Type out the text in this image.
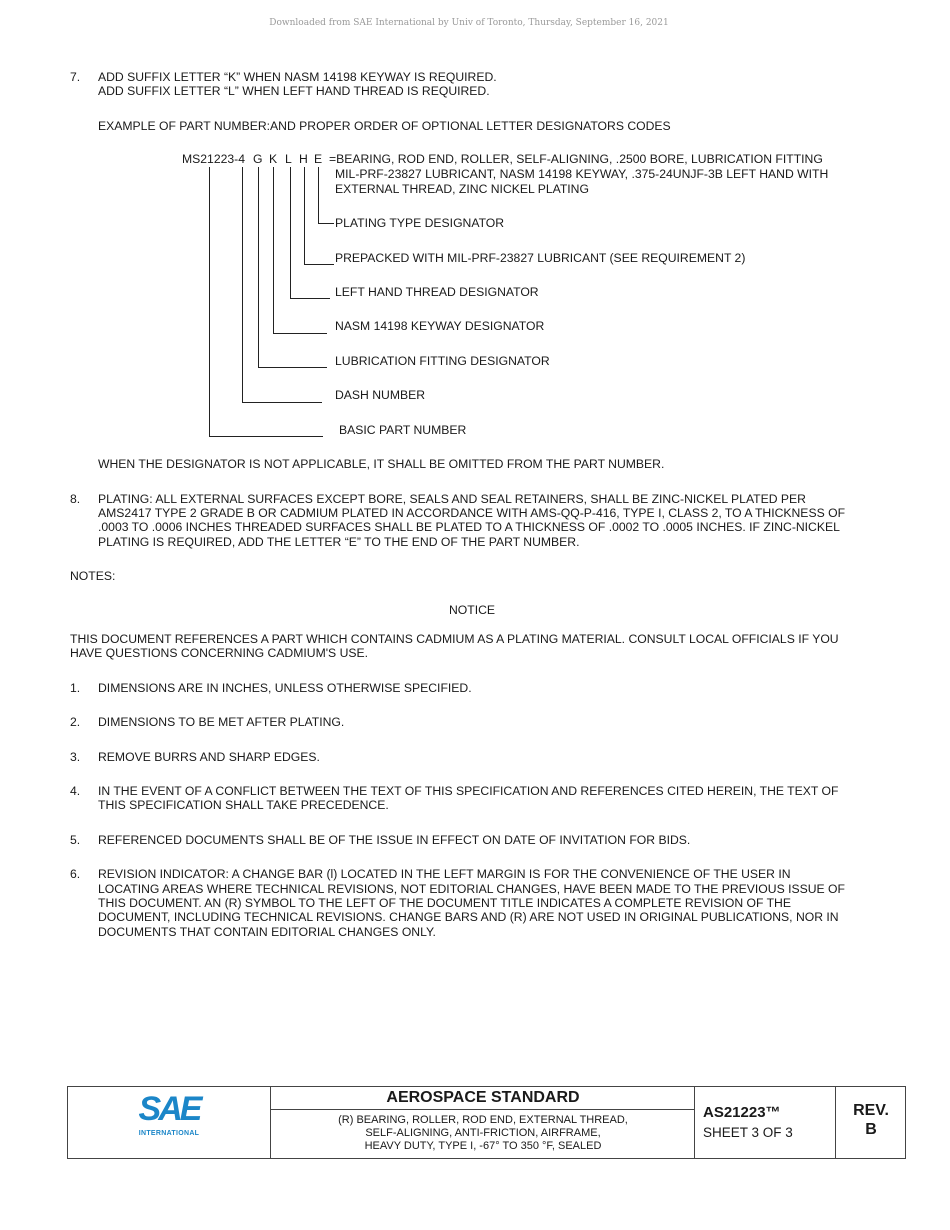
Downloaded from SAE International by Univ of Toronto, Thursday, September 16, 2021
7. ADD SUFFIX LETTER “K” WHEN NASM 14198 KEYWAY IS REQUIRED.
ADD SUFFIX LETTER “L” WHEN LEFT HAND THREAD IS REQUIRED.
EXAMPLE OF PART NUMBER:AND PROPER ORDER OF OPTIONAL LETTER DESIGNATORS CODES
MS21223-4 G K L H E =BEARING, ROD END, ROLLER, SELF-ALIGNING, .2500 BORE, LUBRICATION FITTING
MIL-PRF-23827 LUBRICANT, NASM 14198 KEYWAY, .375-24UNJF-3B LEFT HAND WITH
EXTERNAL THREAD, ZINC NICKEL PLATING
PLATING TYPE DESIGNATOR
PREPACKED WITH MIL-PRF-23827 LUBRICANT (SEE REQUIREMENT 2)
LEFT HAND THREAD DESIGNATOR
NASM 14198 KEYWAY DESIGNATOR
LUBRICATION FITTING DESIGNATOR
DASH NUMBER
BASIC PART NUMBER
WHEN THE DESIGNATOR IS NOT APPLICABLE, IT SHALL BE OMITTED FROM THE PART NUMBER.
8. PLATING: ALL EXTERNAL SURFACES EXCEPT BORE, SEALS AND SEAL RETAINERS, SHALL BE ZINC-NICKEL PLATED PER
AMS2417 TYPE 2 GRADE B OR CADMIUM PLATED IN ACCORDANCE WITH AMS-QQ-P-416, TYPE I, CLASS 2, TO A THICKNESS OF
.0003 TO .0006 INCHES THREADED SURFACES SHALL BE PLATED TO A THICKNESS OF .0002 TO .0005 INCHES. IF ZINC-NICKEL
PLATING IS REQUIRED, ADD THE LETTER “E” TO THE END OF THE PART NUMBER.
NOTES:
NOTICE
THIS DOCUMENT REFERENCES A PART WHICH CONTAINS CADMIUM AS A PLATING MATERIAL. CONSULT LOCAL OFFICIALS IF YOU
HAVE QUESTIONS CONCERNING CADMIUM'S USE.
1. DIMENSIONS ARE IN INCHES, UNLESS OTHERWISE SPECIFIED.
2. DIMENSIONS TO BE MET AFTER PLATING.
3. REMOVE BURRS AND SHARP EDGES.
4. IN THE EVENT OF A CONFLICT BETWEEN THE TEXT OF THIS SPECIFICATION AND REFERENCES CITED HEREIN, THE TEXT OF
THIS SPECIFICATION SHALL TAKE PRECEDENCE.
5. REFERENCED DOCUMENTS SHALL BE OF THE ISSUE IN EFFECT ON DATE OF INVITATION FOR BIDS.
6. REVISION INDICATOR: A CHANGE BAR (l) LOCATED IN THE LEFT MARGIN IS FOR THE CONVENIENCE OF THE USER IN
LOCATING AREAS WHERE TECHNICAL REVISIONS, NOT EDITORIAL CHANGES, HAVE BEEN MADE TO THE PREVIOUS ISSUE OF
THIS DOCUMENT. AN (R) SYMBOL TO THE LEFT OF THE DOCUMENT TITLE INDICATES A COMPLETE REVISION OF THE
DOCUMENT, INCLUDING TECHNICAL REVISIONS. CHANGE BARS AND (R) ARE NOT USED IN ORIGINAL PUBLICATIONS, NOR IN
DOCUMENTS THAT CONTAIN EDITORIAL CHANGES ONLY.
SAE
INTERNATIONAL
AEROSPACE STANDARD
(R) BEARING, ROLLER, ROD END, EXTERNAL THREAD,
SELF-ALIGNING, ANTI-FRICTION, AIRFRAME,
HEAVY DUTY, TYPE I, -67° TO 350 °F, SEALED
AS21223™
SHEET 3 OF 3
REV.
B
